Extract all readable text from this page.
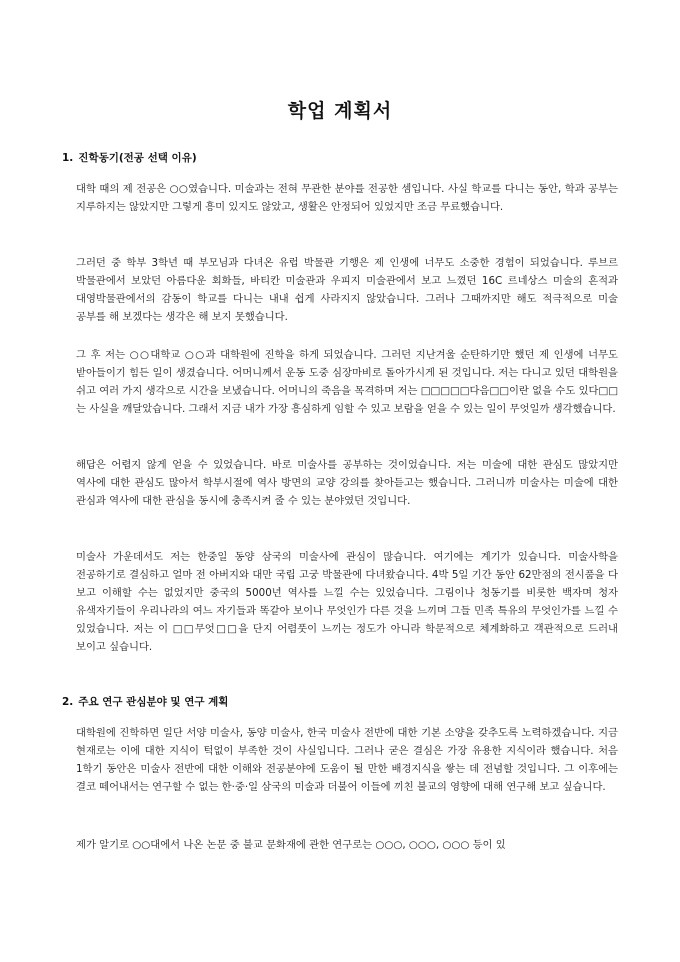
학업 계획서
1. 진학동기(전공 선택 이유)

대학 때의 제 전공은 ○○였습니다. 미술과는 전혀 무관한 분야를 전공한 셈입니다. 사실 학교를 다니는 동안, 학과 공부는 지루하지는 않았지만 그렇게 흥미 있지도 않았고, 생활은 안정되어 있었지만 조금 무료했습니다.

그러던 중 학부 3학년 때 부모님과 다녀온 유럽 박물관 기행은 제 인생에 너무도 소중한 경험이 되었습니다. 루브르 박물관에서 보았던 아름다운 회화들, 바티칸 미술관과 우피지 미술관에서 보고 느꼈던 16C 르네상스 미술의 흔적과 대영박물관에서의 감동이 학교를 다니는 내내 쉽게 사라지지 않았습니다. 그러나 그때까지만 해도 적극적으로 미술 공부를 해 보겠다는 생각은 해 보지 못했습니다.

그 후 저는 ○○대학교 ○○과 대학원에 진학을 하게 되었습니다. 그러던 지난겨울 순탄하기만 했던 제 인생에 너무도 받아들이기 힘든 일이 생겼습니다. 어머니께서 운동 도중 심장마비로 돌아가시게 된 것입니다. 저는 다니고 있던 대학원을 쉬고 여러 가지 생각으로 시간을 보냈습니다. 어머니의 죽음을 목격하며 저는 □□□□□다음□□이란 없을 수도 있다□□는 사실을 깨달았습니다. 그래서 지금 내가 가장 흥심하게 임할 수 있고 보람을 얻을 수 있는 일이 무엇일까 생각했습니다.

해답은 어렵지 않게 얻을 수 있었습니다. 바로 미술사를 공부하는 것이었습니다. 저는 미술에 대한 관심도 많았지만 역사에 대한 관심도 많아서 학부시절에 역사 방면의 교양 강의를 찾아듣고는 했습니다. 그러니까 미술사는 미술에 대한 관심과 역사에 대한 관심을 동시에 충족시켜 줄 수 있는 분야였던 것입니다.

미술사 가운데서도 저는 한중일 동양 삼국의 미술사에 관심이 많습니다. 여기에는 계기가 있습니다. 미술사학을 전공하기로 결심하고 얼마 전 아버지와 대만 국립 고궁 박물관에 다녀왔습니다. 4박 5일 기간 동안 62만점의 전시품을 다 보고 이해할 수는 없었지만 중국의 5000년 역사를 느낄 수는 있었습니다. 그림이나 청동기를 비롯한 백자며 청자 유색자기들이 우리나라의 여느 자기들과 똑같아 보이나 무엇인가 다른 것을 느끼며 그들 민족 특유의 무엇인가를 느낄 수 있었습니다. 저는 이 □□무엇□□을 단지 어렴풋이 느끼는 정도가 아니라 학문적으로 체계화하고 객관적으로 드러내 보이고 싶습니다.

2. 주요 연구 관심분야 및 연구 계획

대학원에 진학하면 일단 서양 미술사, 동양 미술사, 한국 미술사 전반에 대한 기본 소양을 갖추도록 노력하겠습니다. 지금 현재로는 이에 대한 지식이 턱없이 부족한 것이 사실입니다. 그러나 굳은 결심은 가장 유용한 지식이라 했습니다. 처음 1학기 동안은 미술사 전반에 대한 이해와 전공분야에 도움이 될 만한 배경지식을 쌓는 데 전념할 것입니다. 그 이후에는 결코 떼어내서는 연구할 수 없는 한·중·일 삼국의 미술과 더불어 이들에 끼친 불교의 영향에 대해 연구해 보고 싶습니다.

제가 알기로 ○○대에서 나온 논문 중 불교 문화재에 관한 연구로는 ○○○, ○○○, ○○○ 등이 있
